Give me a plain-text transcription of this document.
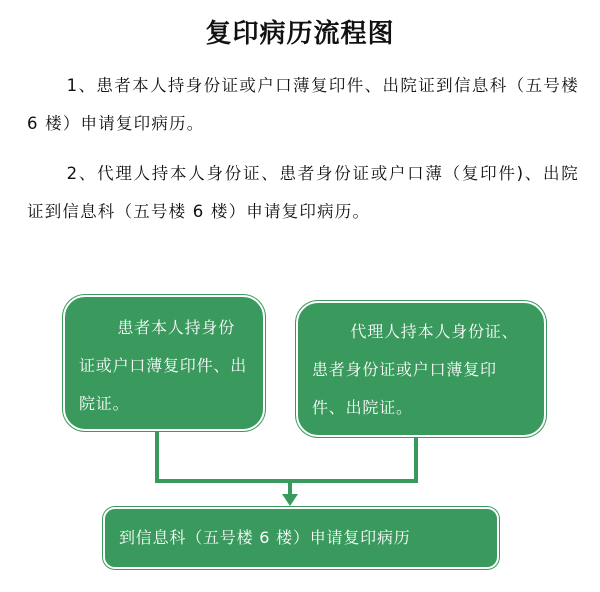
复印病历流程图
1、患者本人持身份证或户口薄复印件、出院证到信息科（五号楼 6 楼）申请复印病历。
2、代理人持本人身份证、患者身份证或户口薄（复印件)、出院证到信息科（五号楼 6 楼）申请复印病历。
患者本人持身份证或户口薄复印件、出院证。
代理人持本人身份证、患者身份证或户口薄复印件、出院证。
到信息科（五号楼 6 楼）申请复印病历
